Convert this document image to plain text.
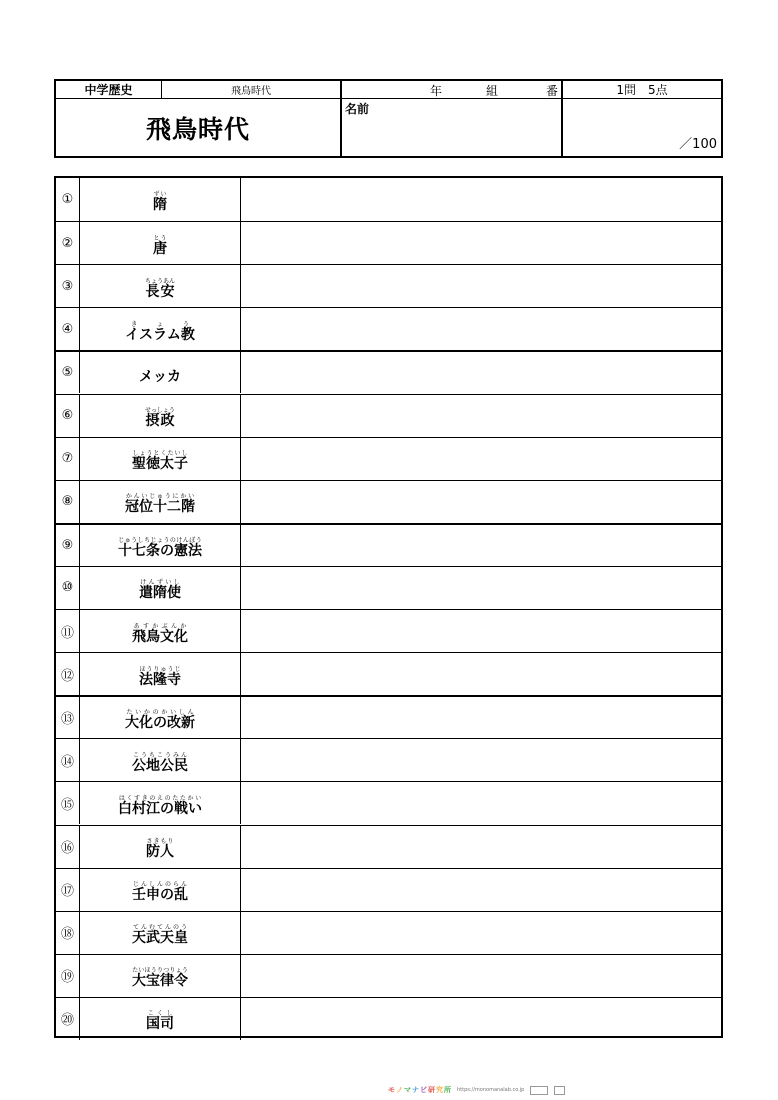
中学歴史	飛鳥時代
飛鳥時代
年	組	番
名前
1問　5点
／100
①	隋ずい
②	唐とう
③	長安ちょうあん
④	イスラム教きょう
⑤	メッカ
⑥	摂政せっしょう
⑦	聖徳太子しょうとくたいし
⑧	冠位十二階かんいじゅうにかい
⑨	十七条の憲法じゅうしちじょうのけんぽう
⑩	遣隋使けんずいし
⑪	飛鳥文化あすかぶんか
⑫	法隆寺ほうりゅうじ
⑬	大化の改新たいかのかいしん
⑭	公地公民こうちこうみん
⑮	白村江の戦いはくすきのえのたたかい
⑯	防人さきもり
⑰	壬申の乱じんしんのらん
⑱	天武天皇てんむてんのう
⑲	大宝律令たいほうりつりょう
⑳	国司こくし
モ ノ マ ナ ビ 研 究 所 https://monomanalab.co.jp
